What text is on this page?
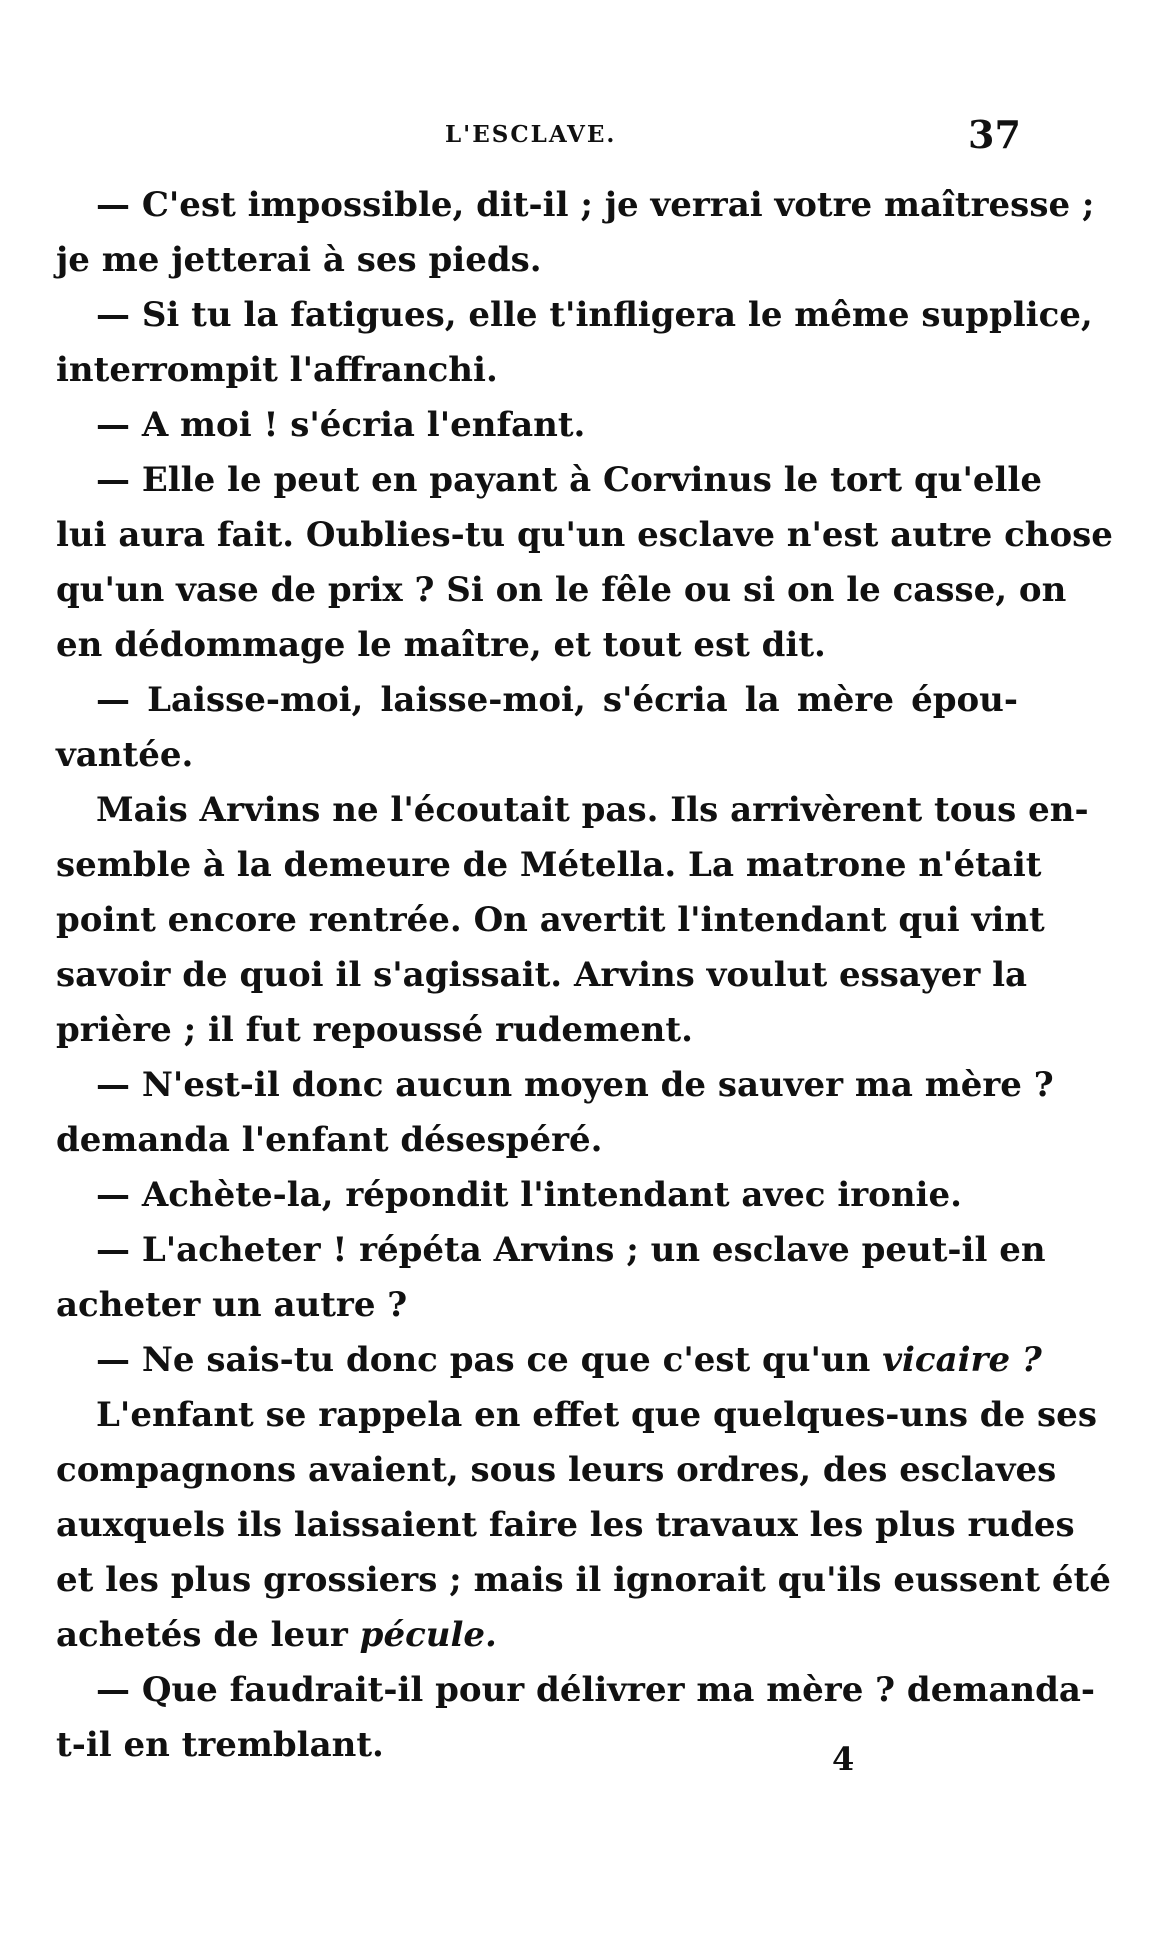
L'ESCLAVE.	37
— C'est impossible, dit-il ; je verrai votre maîtresse ;
je me jetterai à ses pieds.
— Si tu la fatigues, elle t'infligera le même supplice,
interrompit l'affranchi.
— A moi ! s'écria l'enfant.
— Elle le peut en payant à Corvinus le tort qu'elle
lui aura fait. Oublies-tu qu'un esclave n'est autre chose
qu'un vase de prix ? Si on le fêle ou si on le casse, on
en dédommage le maître, et tout est dit.
— Laisse-moi, laisse-moi, s'écria la mère épou-
vantée.
Mais Arvins ne l'écoutait pas. Ils arrivèrent tous en-
semble à la demeure de Métella. La matrone n'était
point encore rentrée. On avertit l'intendant qui vint
savoir de quoi il s'agissait. Arvins voulut essayer la
prière ; il fut repoussé rudement.
— N'est-il donc aucun moyen de sauver ma mère ?
demanda l'enfant désespéré.
— Achète-la, répondit l'intendant avec ironie.
— L'acheter ! répéta Arvins ; un esclave peut-il en
acheter un autre ?
— Ne sais-tu donc pas ce que c'est qu'un vicaire ?
L'enfant se rappela en effet que quelques-uns de ses
compagnons avaient, sous leurs ordres, des esclaves
auxquels ils laissaient faire les travaux les plus rudes
et les plus grossiers ; mais il ignorait qu'ils eussent été
achetés de leur pécule.
— Que faudrait-il pour délivrer ma mère ? demanda-
t-il en tremblant.	4
